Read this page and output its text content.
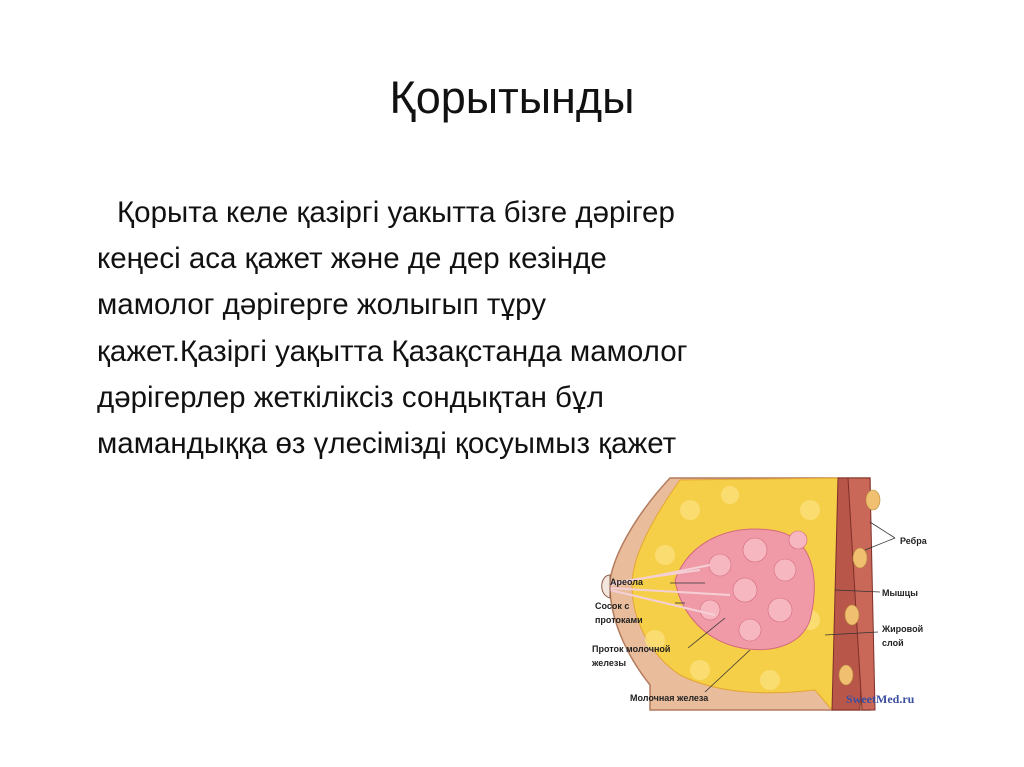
Қорытынды
Қорыта келе қазіргі уакытта бізге дәрігер
кеңесі аса қажет және де дер кезінде
мамолог дәрігерге жолыгып тұру
қажет.Қазіргі уақытта Қазақстанда мамолог
дәрігерлер жеткіліксіз сондықтан бұл
мамандыққа өз үлесімізді қосуымыз қажет
Ареола
Сосок с
протоками
Проток молочной
железы
Молочная железа
Ребра
Мышцы
Жировой
слой
SweetMed.ru
